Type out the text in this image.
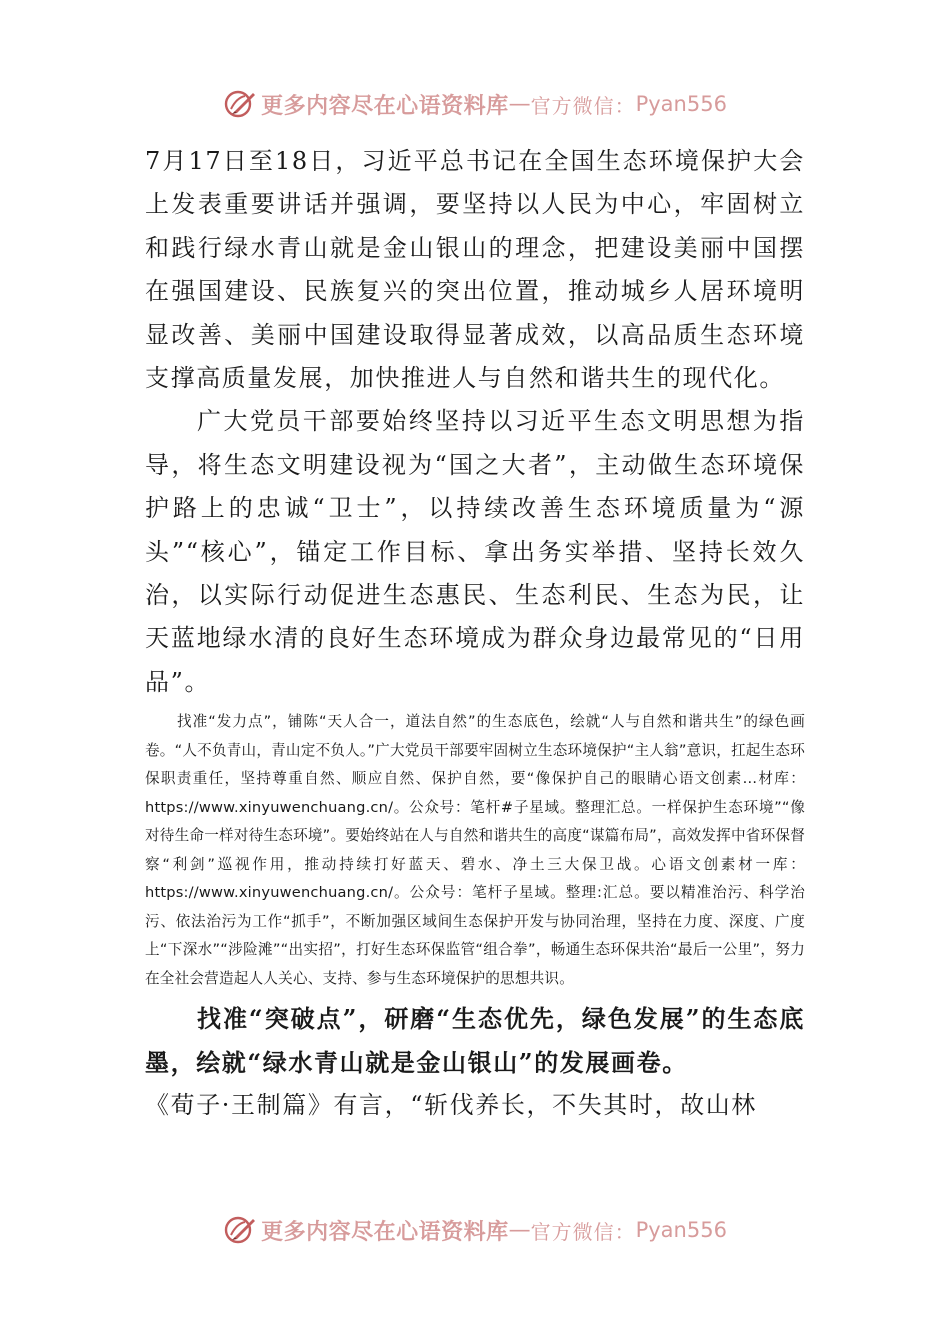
更多内容尽在心语资料库 — 官方微信： Pyan556

7月17日至18日，习近平总书记在全国生态环境保护大会上发表重要讲话并强调，要坚持以人民为中心，牢固树立和践行绿水青山就是金山银山的理念，把建设美丽中国摆在强国建设、民族复兴的突出位置，推动城乡人居环境明显改善、美丽中国建设取得显著成效，以高品质生态环境支撑高质量发展，加快推进人与自然和谐共生的现代化。

广大党员干部要始终坚持以习近平生态文明思想为指导，将生态文明建设视为“国之大者”，主动做生态环境保护路上的忠诚“卫士”，以持续改善生态环境质量为“源头”“核心”，锚定工作目标、拿出务实举措、坚持长效久治，以实际行动促进生态惠民、生态利民、生态为民，让天蓝地绿水清的良好生态环境成为群众身边最常见的“日用品”。

找准“发力点”，铺陈“天人合一，道法自然”的生态底色，绘就“人与自然和谐共生”的绿色画卷。“人不负青山，青山定不负人。”广大党员干部要牢固树立生态环境保护“主人翁”意识，扛起生态环保职责重任，坚持尊重自然、顺应自然、保护自然，要“像保护自己的眼睛心语文创素…材库：https://www.xinyuwenchuang.cn/。公众号：笔杆#子星域。整理汇总。一样保护生态环境”“像对待生命一样对待生态环境”。要始终站在人与自然和谐共生的高度“谋篇布局”，高效发挥中省环保督察“利剑”巡视作用，推动持续打好蓝天、碧水、净土三大保卫战。心语文创素材一库：https://www.xinyuwenchuang.cn/。公众号：笔杆子星域。整理:汇总。要以精准治污、科学治污、依法治污为工作“抓手”，不断加强区域间生态保护开发与协同治理，坚持在力度、深度、广度上“下深水”“涉险滩”“出实招”，打好生态环保监管“组合拳”，畅通生态环保共治“最后一公里”，努力在全社会营造起人人关心、支持、参与生态环境保护的思想共识。

找准“突破点”，研磨“生态优先，绿色发展”的生态底墨，绘就“绿水青山就是金山银山”的发展画卷。

《荀子·王制篇》有言，“斩伐养长，不失其时，故山林

更多内容尽在心语资料库 — 官方微信： Pyan556
